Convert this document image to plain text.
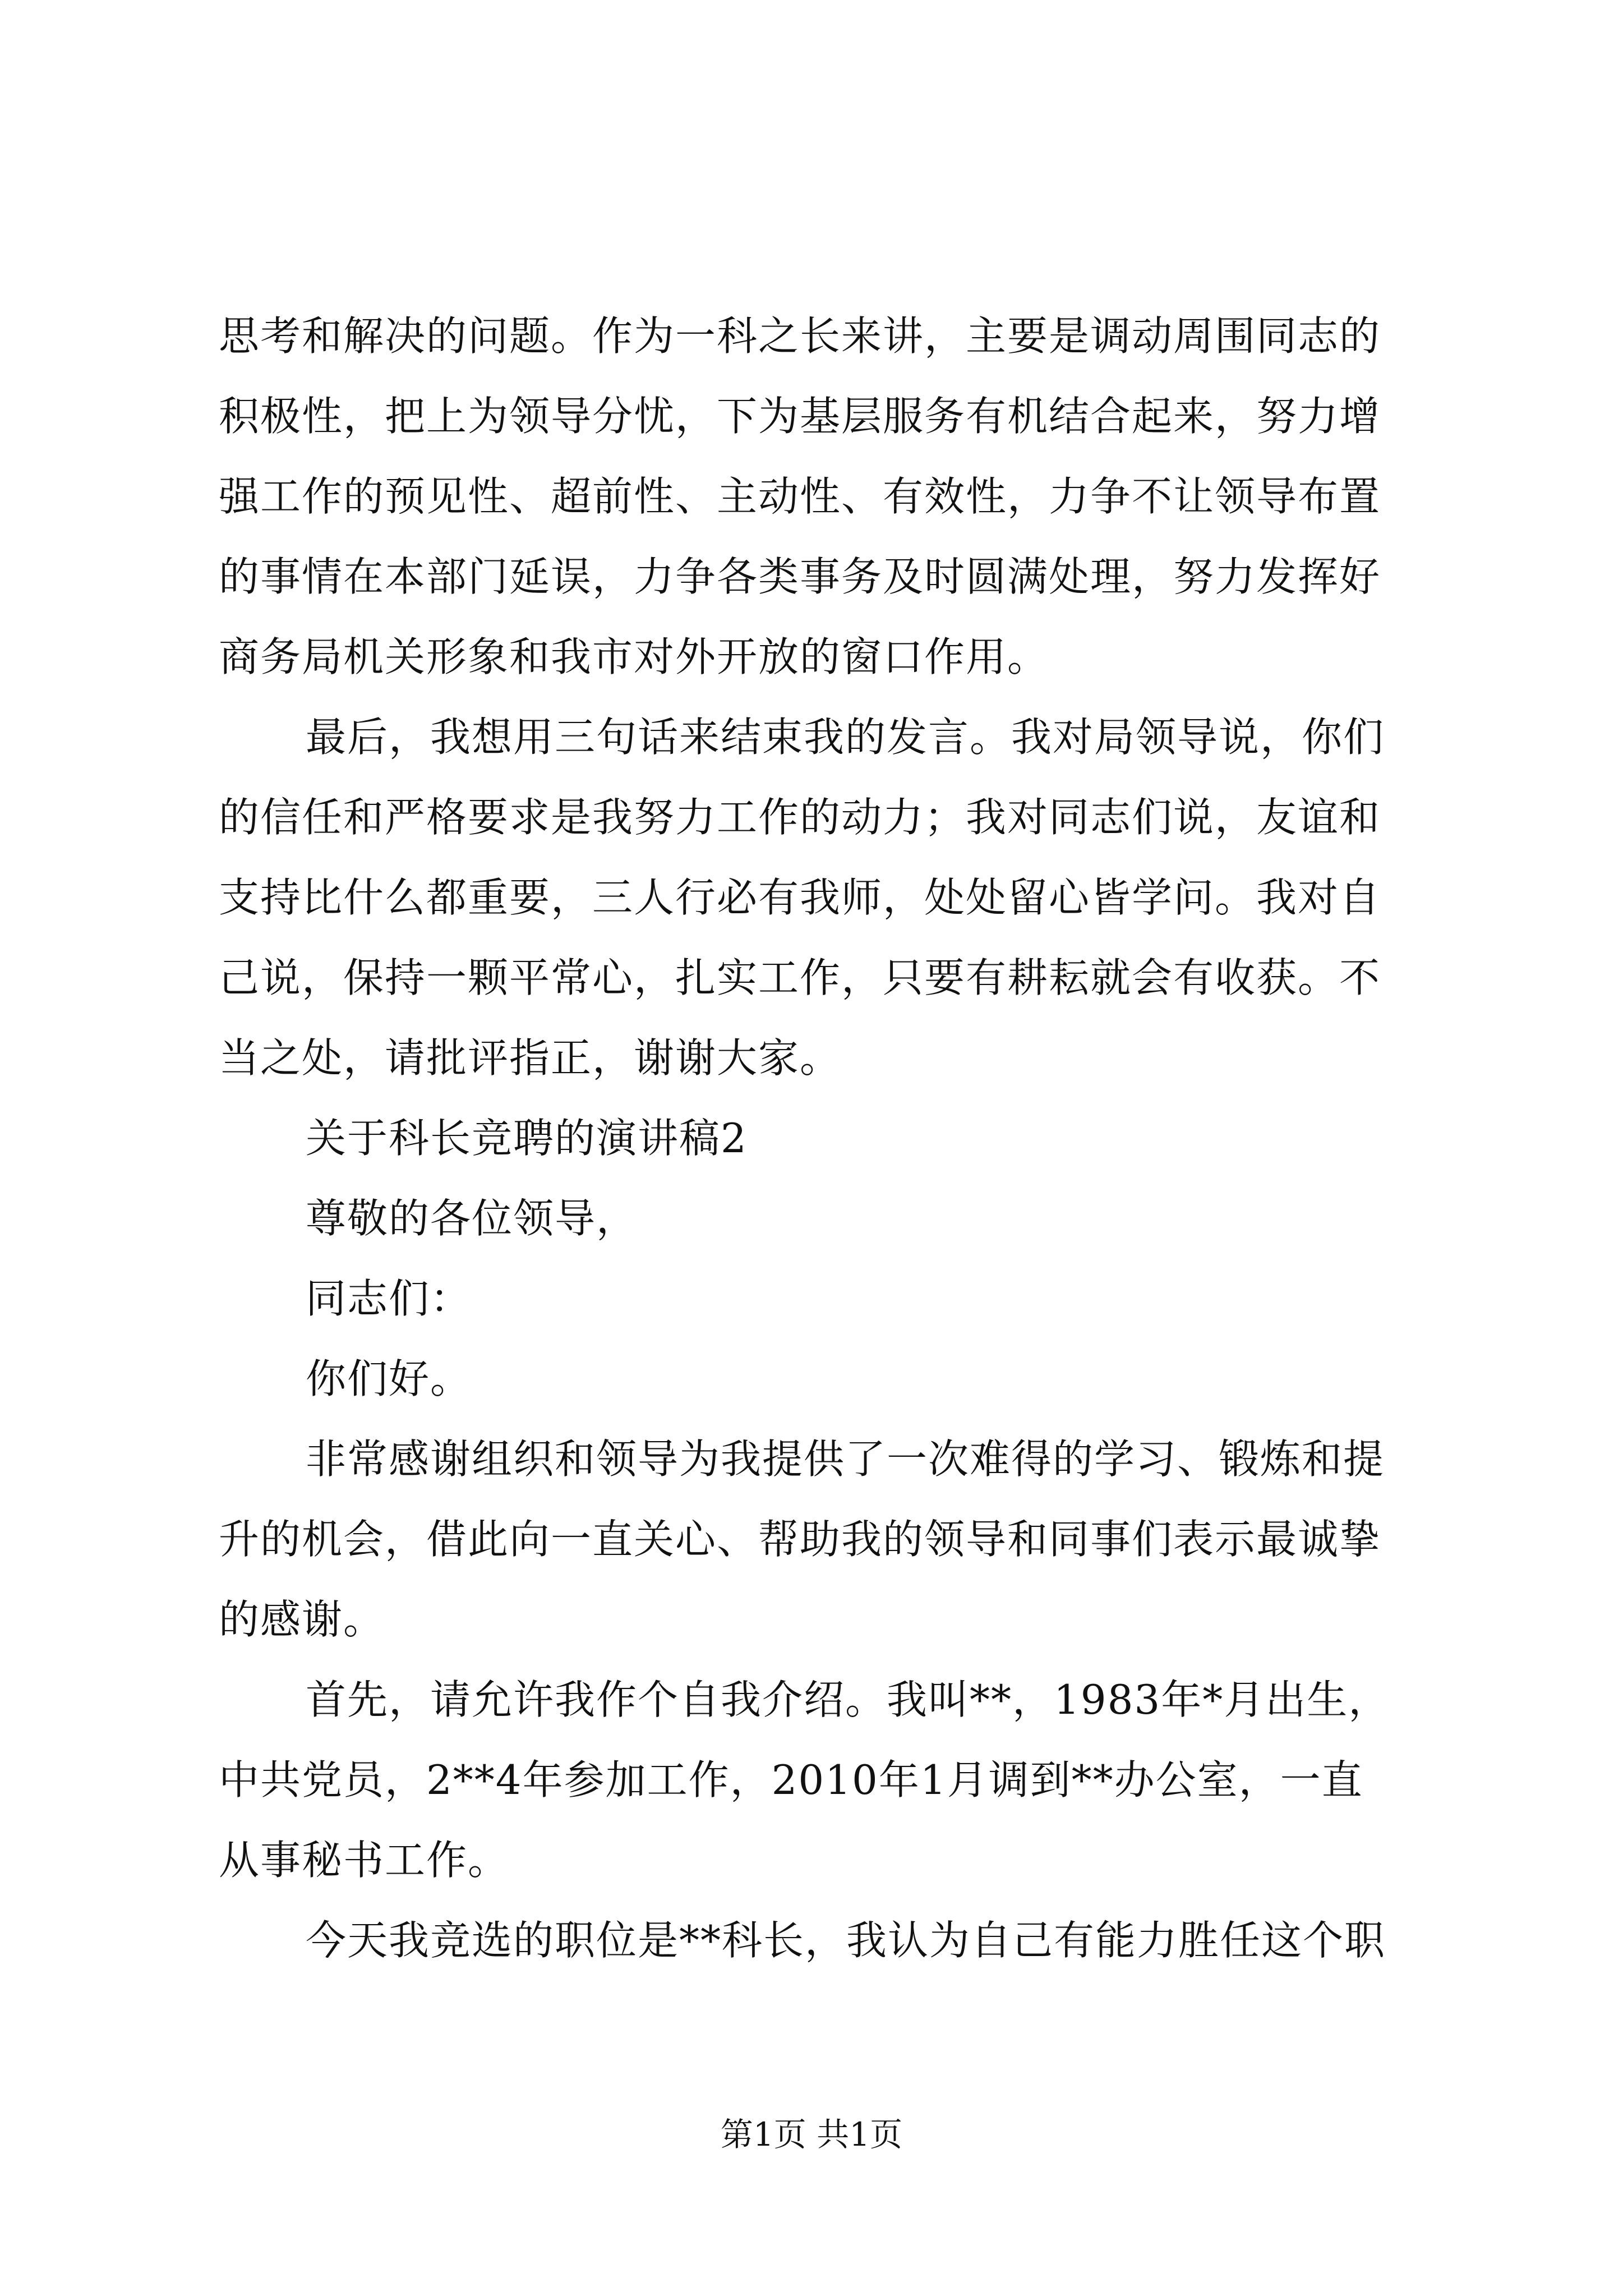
思考和解决的问题。作为一科之长来讲，主要是调动周围同志的
积极性，把上为领导分忧，下为基层服务有机结合起来，努力增
强工作的预见性、超前性、主动性、有效性，力争不让领导布置
的事情在本部门延误，力争各类事务及时圆满处理，努力发挥好
商务局机关形象和我市对外开放的窗口作用。
最后，我想用三句话来结束我的发言。我对局领导说，你们
的信任和严格要求是我努力工作的动力；我对同志们说，友谊和
支持比什么都重要，三人行必有我师，处处留心皆学问。我对自
己说，保持一颗平常心，扎实工作，只要有耕耘就会有收获。不
当之处，请批评指正，谢谢大家。
关于科长竞聘的演讲稿2
尊敬的各位领导，
同志们：
你们好。
非常感谢组织和领导为我提供了一次难得的学习、锻炼和提
升的机会，借此向一直关心、帮助我的领导和同事们表示最诚挚
的感谢。
首先，请允许我作个自我介绍。我叫**，1983年*月出生，
中共党员，2**4年参加工作，2010年1月调到**办公室，一直
从事秘书工作。
今天我竞选的职位是**科长，我认为自己有能力胜任这个职
第1页 共1页
